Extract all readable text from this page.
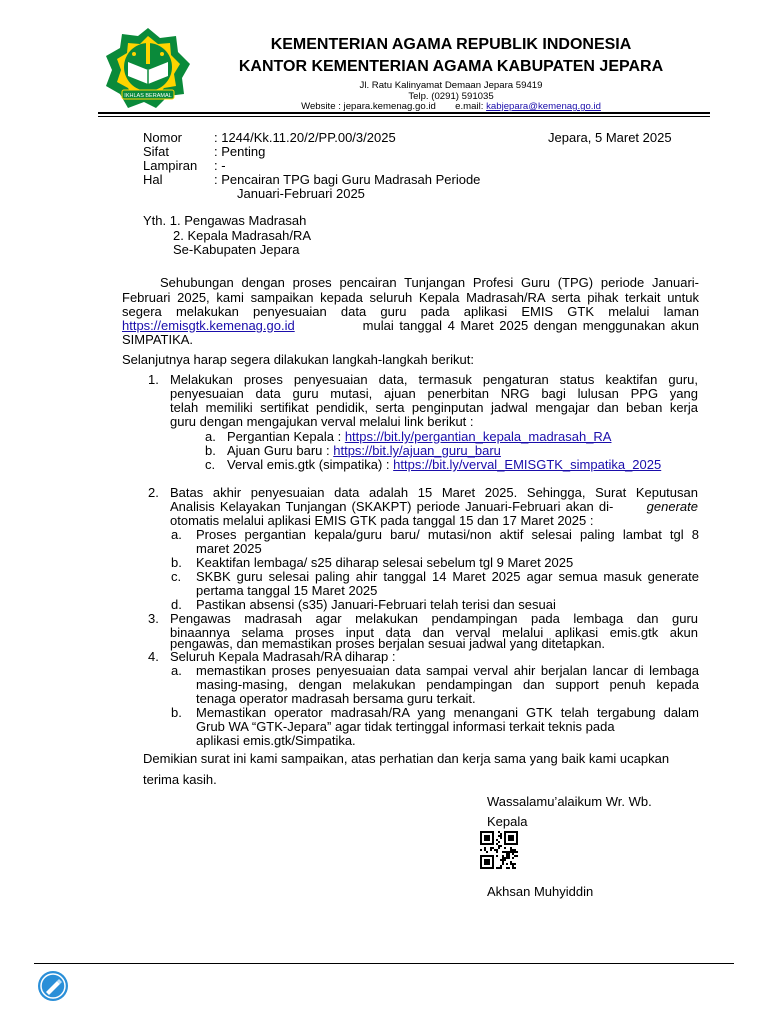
IKHLAS BERAMAL
KEMENTERIAN AGAMA REPUBLIK INDONESIA
KANTOR KEMENTERIAN AGAMA KABUPATEN JEPARA
Jl. Ratu Kalinyamat Demaan Jepara 59419
Telp. (0291) 591035
Website : jepara.kemenag.go.id e.mail: kabjepara@kemenag.go.id
Nomor : 1244/Kk.11.20/2/PP.00/3/2025	Jepara, 5 Maret 2025
Sifat	: Penting
Lampiran : -
Hal	: Pencairan TPG bagi Guru Madrasah Periode
Januari-Februari 2025
Yth. 1. Pengawas Madrasah
2. Kepala Madrasah/RA
Se-Kabupaten Jepara
Sehubungan dengan proses pencairan Tunjangan Profesi Guru (TPG) periode Januari-
Februari 2025, kami sampaikan kepada seluruh Kepala Madrasah/RA serta pihak terkait untuk
segera melakukan penyesuaian data guru pada aplikasi EMIS GTK melalui laman
https://emisgtk.kemenag.go.id	mulai tanggal 4 Maret 2025 dengan menggunakan akun
SIMPATIKA.
Selanjutnya harap segera dilakukan langkah-langkah berikut:
1. Melakukan proses penyesuaian data, termasuk pengaturan status keaktifan guru,
penyesuaian data guru mutasi, ajuan penerbitan NRG bagi lulusan PPG yang
telah memiliki sertifikat pendidik, serta penginputan jadwal mengajar dan beban kerja
guru dengan mengajukan verval melalui link berikut :
a. Pergantian Kepala : https://bit.ly/pergantian_kepala_madrasah_RA
b. Ajuan Guru baru : https://bit.ly/ajuan_guru_baru
c. Verval emis.gtk (simpatika) : https://bit.ly/verval_EMISGTK_simpatika_2025
2. Batas akhir penyesuaian data adalah 15 Maret 2025. Sehingga, Surat Keputusan
Analisis Kelayakan Tunjangan (SKAKPT) periode Januari-Februari akan di-	generate
otomatis melalui aplikasi EMIS GTK pada tanggal 15 dan 17 Maret 2025 :
a. Proses pergantian kepala/guru baru/ mutasi/non aktif selesai paling lambat tgl 8
maret 2025
b. Keaktifan lembaga/ s25 diharap selesai sebelum tgl 9 Maret 2025
c. SKBK guru selesai paling ahir tanggal 14 Maret 2025 agar semua masuk generate
pertama tanggal 15 Maret 2025
d. Pastikan absensi (s35) Januari-Februari telah terisi dan sesuai
3. Pengawas madrasah agar melakukan pendampingan pada lembaga dan guru
binaannya selama proses input data dan verval melalui aplikasi emis.gtk akun
pengawas, dan memastikan proses berjalan sesuai jadwal yang ditetapkan.
4. Seluruh Kepala Madrasah/RA diharap :
a. memastikan proses penyesuaian data sampai verval ahir berjalan lancar di lembaga
masing-masing, dengan melakukan pendampingan dan support penuh kepada
tenaga operator madrasah bersama guru terkait.
b. Memastikan operator madrasah/RA yang menangani GTK telah tergabung dalam
Grub WA “GTK-Jepara” agar tidak tertinggal informasi terkait teknis pada
aplikasi emis.gtk/Simpatika.
Demikian surat ini kami sampaikan, atas perhatian dan kerja sama yang baik kami ucapkan
terima kasih.
Wassalamu’alaikum Wr. Wb.
Kepala
Akhsan Muhyiddin
